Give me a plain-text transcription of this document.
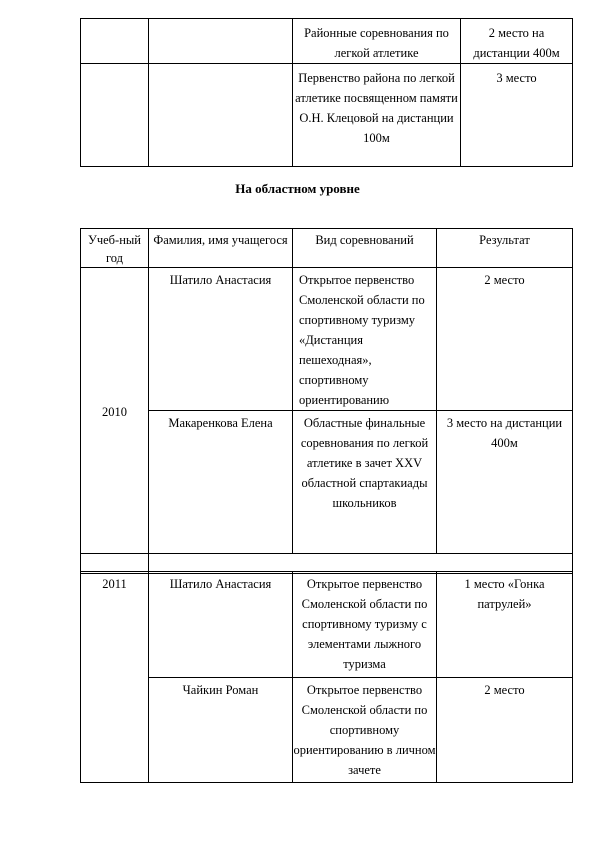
		Районные соревнования по легкой атлетике	2 место на дистанции 400м
		Первенство района по легкой атлетике посвященном памяти О.Н. Клецовой на дистанции 100м	3 место
На областном уровне
Учеб-ный год	Фамилия, имя учащегося	Вид соревнований	Результат
2010	Шатило Анастасия	Открытое первенство Смоленской области по спортивному туризму «Дистанция пешеходная», спортивному ориентированию	2 место
	Макаренкова Елена	Областные финальные соревнования по легкой атлетике в зачет XXV областной спартакиады школьников	3 место на дистанции 400м

2011	Шатило Анастасия	Открытое первенство Смоленской области по спортивному туризму с элементами лыжного туризма	1 место «Гонка патрулей»
	Чайкин Роман	Открытое первенство Смоленской области по спортивному ориентированию в личном зачете	2 место
